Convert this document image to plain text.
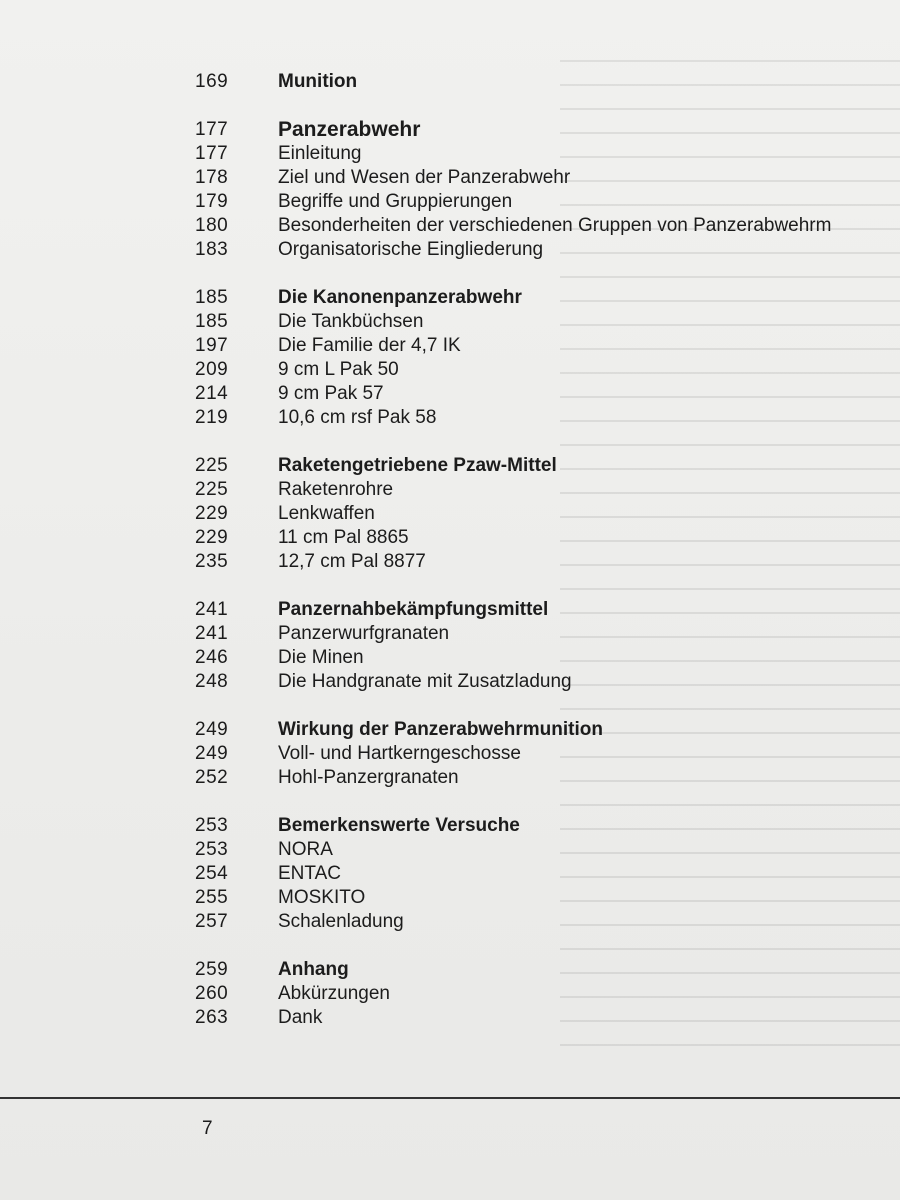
169	Munition
177	Panzerabwehr
177	Einleitung
178	Ziel und Wesen der Panzerabwehr
179	Begriffe und Gruppierungen
180	Besonderheiten der verschiedenen Gruppen von Panzerabwehrm
183	Organisatorische Eingliederung
185	Die Kanonenpanzerabwehr
185	Die Tankbüchsen
197	Die Familie der 4,7 IK
209	9 cm L Pak 50
214	9 cm Pak 57
219	10,6 cm rsf Pak 58
225	Raketengetriebene Pzaw-Mittel
225	Raketenrohre
229	Lenkwaffen
229	11 cm Pal 8865
235	12,7 cm Pal 8877
241	Panzernahbekämpfungsmittel
241	Panzerwurfgranaten
246	Die Minen
248	Die Handgranate mit Zusatzladung
249	Wirkung der Panzerabwehrmunition
249	Voll- und Hartkerngeschosse
252	Hohl-Panzergranaten
253	Bemerkenswerte Versuche
253	NORA
254	ENTAC
255	MOSKITO
257	Schalenladung
259	Anhang
260	Abkürzungen
263	Dank
7
